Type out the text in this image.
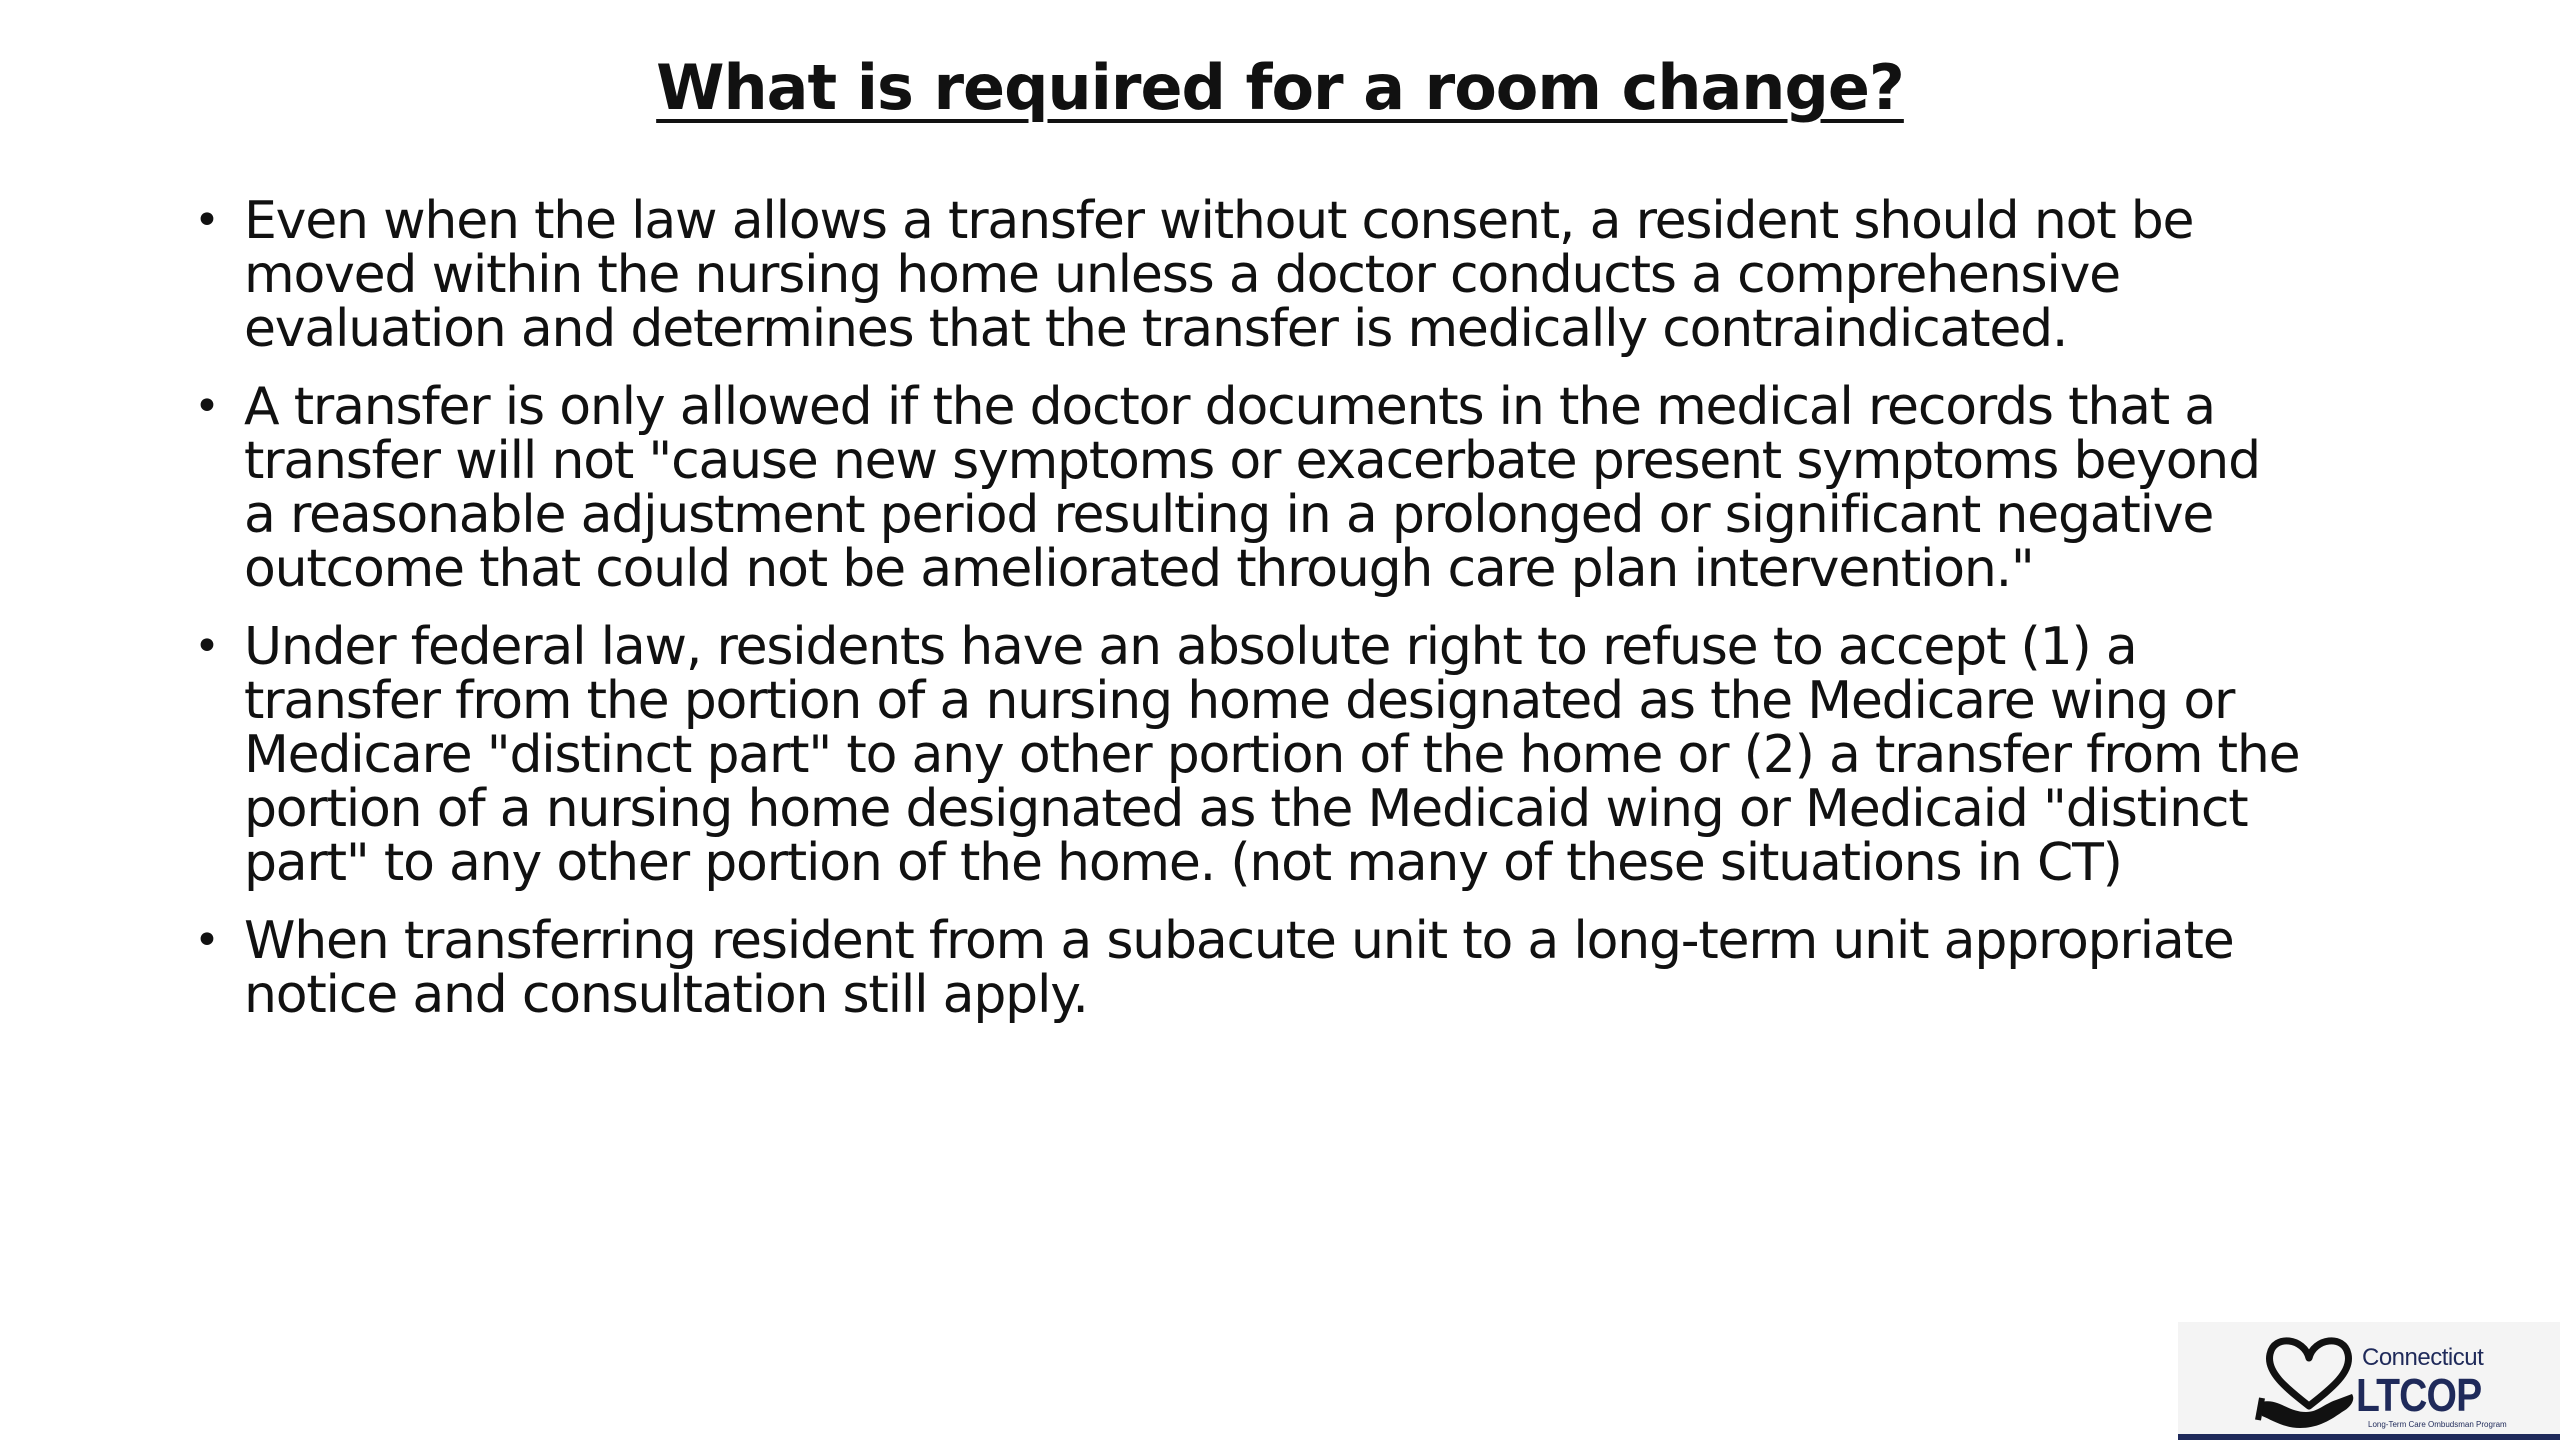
What is required for a room change?
• Even when the law allows a transfer without consent, a resident should not be moved within the nursing home unless a doctor conducts a comprehensive evaluation and determines that the transfer is medically contraindicated.
• A transfer is only allowed if the doctor documents in the medical records that a transfer will not "cause new symptoms or exacerbate present symptoms beyond a reasonable adjustment period resulting in a prolonged or significant negative outcome that could not be ameliorated through care plan intervention."
• Under federal law, residents have an absolute right to refuse to accept (1) a transfer from the portion of a nursing home designated as the Medicare wing or Medicare "distinct part" to any other portion of the home or (2) a transfer from the portion of a nursing home designated as the Medicaid wing or Medicaid "distinct part" to any other portion of the home. (not many of these situations in CT)
• When transferring resident from a subacute unit to a long-term unit appropriate notice and consultation still apply.
Connecticut
LTCOP
Long-Term Care Ombudsman Program
